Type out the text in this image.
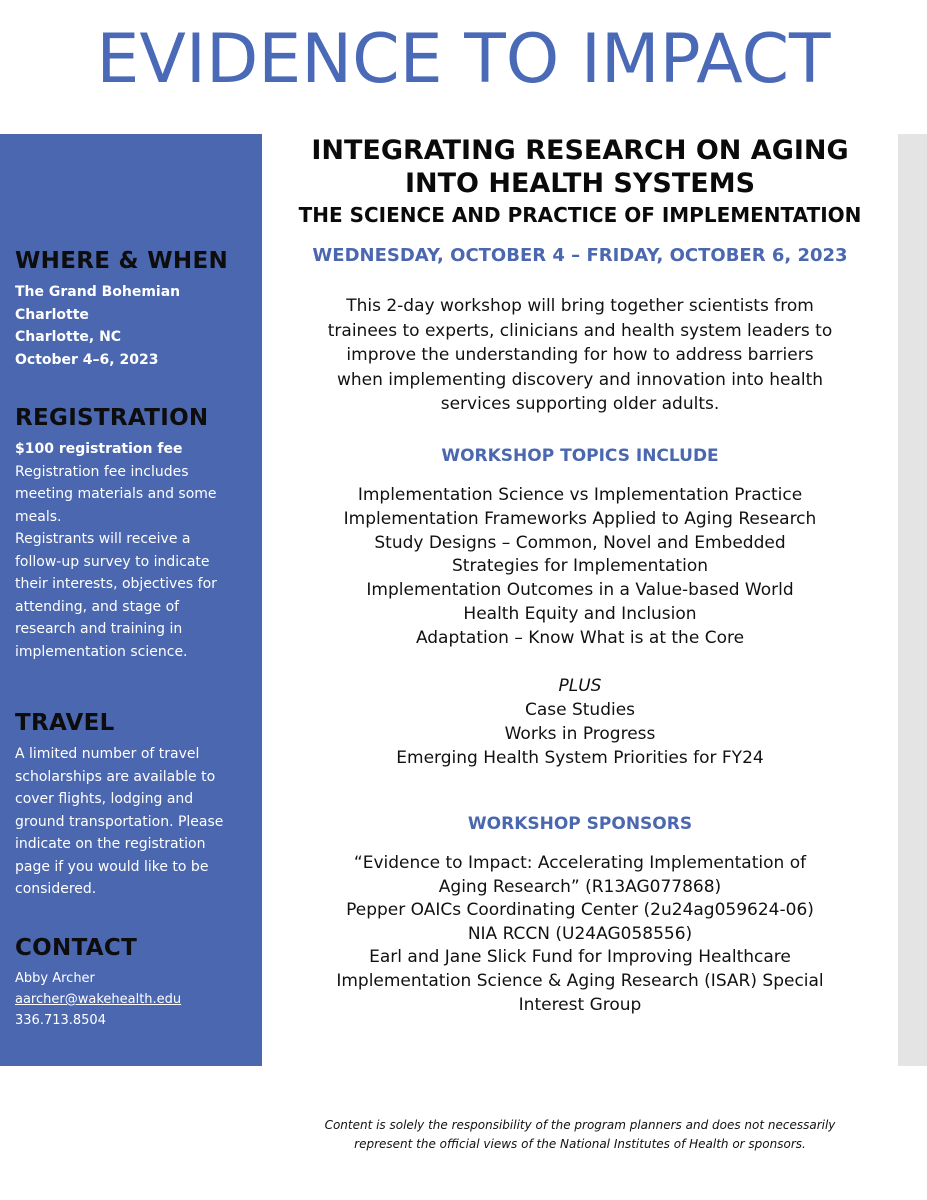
EVIDENCE TO IMPACT
WHERE & WHEN
The Grand Bohemian
Charlotte
Charlotte, NC
October 4–6, 2023
REGISTRATION
$100 registration fee
Registration fee includes
meeting materials and some
meals.
Registrants will receive a
follow-up survey to indicate
their interests, objectives for
attending, and stage of
research and training in
implementation science.
TRAVEL
A limited number of travel
scholarships are available to
cover flights, lodging and
ground transportation. Please
indicate on the registration
page if you would like to be
considered.
CONTACT
Abby Archer
aarcher@wakehealth.edu
336.713.8504
INTEGRATING RESEARCH ON AGING
INTO HEALTH SYSTEMS
THE SCIENCE AND PRACTICE OF IMPLEMENTATION
WEDNESDAY, OCTOBER 4 – FRIDAY, OCTOBER 6, 2023
This 2-day workshop will bring together scientists from
trainees to experts, clinicians and health system leaders to
improve the understanding for how to address barriers
when implementing discovery and innovation into health
services supporting older adults.
WORKSHOP TOPICS INCLUDE
Implementation Science vs Implementation Practice
Implementation Frameworks Applied to Aging Research
Study Designs – Common, Novel and Embedded
Strategies for Implementation
Implementation Outcomes in a Value-based World
Health Equity and Inclusion
Adaptation – Know What is at the Core
PLUS
Case Studies
Works in Progress
Emerging Health System Priorities for FY24
WORKSHOP SPONSORS
“Evidence to Impact: Accelerating Implementation of
Aging Research” (R13AG077868)
Pepper OAICs Coordinating Center (2u24ag059624-06)
NIA RCCN (U24AG058556)
Earl and Jane Slick Fund for Improving Healthcare
Implementation Science & Aging Research (ISAR) Special
Interest Group
Content is solely the responsibility of the program planners and does not necessarily
represent the official views of the National Institutes of Health or sponsors.
